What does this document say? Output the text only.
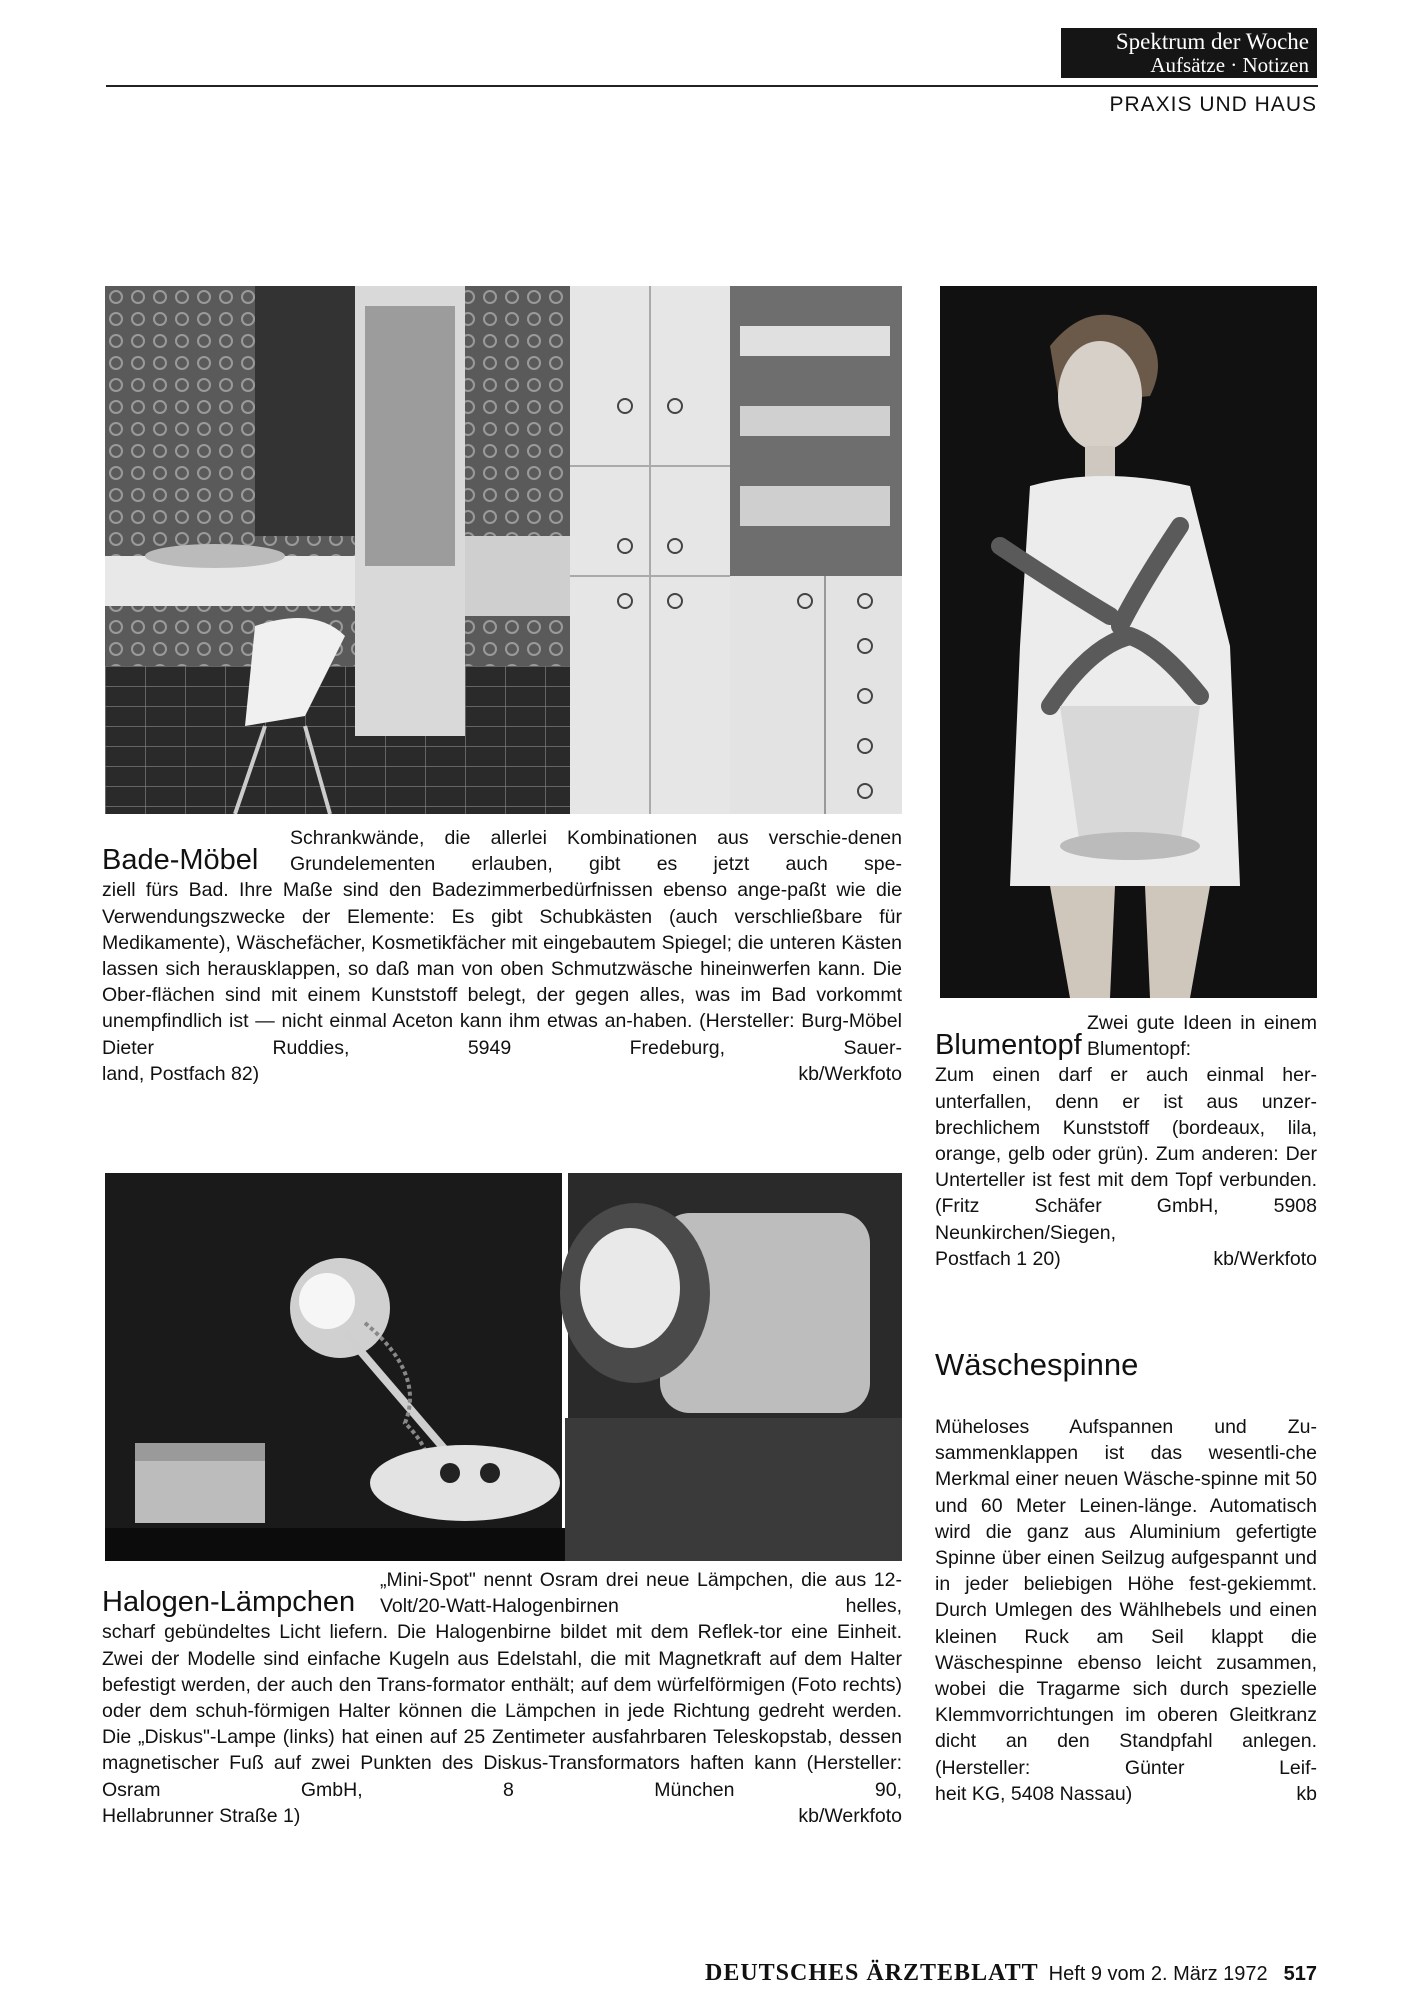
Spektrum der Woche
Aufsätze · Notizen
PRAXIS UND HAUS
Bade-Möbel

Schrankwände, die allerlei Kombinationen aus verschie-denen Grundelementen erlauben, gibt es jetzt auch spe-

ziell fürs Bad. Ihre Maße sind den Badezimmerbedürfnissen ebenso ange-paßt wie die Verwendungszwecke der Elemente: Es gibt Schubkästen (auch verschließbare für Medikamente), Wäschefächer, Kosmetikfächer mit eingebautem Spiegel; die unteren Kästen lassen sich herausklappen, so daß man von oben Schmutzwäsche hineinwerfen kann. Die Ober-flächen sind mit einem Kunststoff belegt, der gegen alles, was im Bad vorkommt unempfindlich ist — nicht einmal Aceton kann ihm etwas an-haben. (Hersteller: Burg-Möbel Dieter Ruddies, 5949 Fredeburg, Sauer-

land, Postfach 82)	kb/Werkfoto
Blumentopf

Zwei gute Ideen in einem Blumentopf:

Zum einen darf er auch einmal her-unterfallen, denn er ist aus unzer-brechlichem Kunststoff (bordeaux, lila, orange, gelb oder grün). Zum anderen: Der Unterteller ist fest mit dem Topf verbunden. (Fritz Schäfer GmbH, 5908 Neunkirchen/Siegen,

Postfach 1 20)	kb/Werkfoto
Halogen-Lämpchen

„Mini-Spot" nennt Osram drei neue Lämpchen, die aus 12-Volt/20-Watt-Halogenbirnen helles,

scharf gebündeltes Licht liefern. Die Halogenbirne bildet mit dem Reflek-tor eine Einheit. Zwei der Modelle sind einfache Kugeln aus Edelstahl, die mit Magnetkraft auf dem Halter befestigt werden, der auch den Trans-formator enthält; auf dem würfelförmigen (Foto rechts) oder dem schuh-förmigen Halter können die Lämpchen in jede Richtung gedreht werden. Die „Diskus"-Lampe (links) hat einen auf 25 Zentimeter ausfahrbaren Teleskopstab, dessen magnetischer Fuß auf zwei Punkten des Diskus-Transformators haften kann (Hersteller: Osram GmbH, 8 München 90,

Hellabrunner Straße 1)	kb/Werkfoto
Wäschespinne

Müheloses Aufspannen und Zu-sammenklappen ist das wesentli-che Merkmal einer neuen Wäsche-spinne mit 50 und 60 Meter Leinen-länge. Automatisch wird die ganz aus Aluminium gefertigte Spinne über einen Seilzug aufgespannt und in jeder beliebigen Höhe fest-gekiemmt. Durch Umlegen des Wählhebels und einen kleinen Ruck am Seil klappt die Wäschespinne ebenso leicht zusammen, wobei die Tragarme sich durch spezielle Klemmvorrichtungen im oberen Gleitkranz dicht an den Standpfahl anlegen. (Hersteller: Günter Leif-

heit KG, 5408 Nassau)	kb
DEUTSCHES ÄRZTEBLATT Heft 9 vom 2. März 1972 517
